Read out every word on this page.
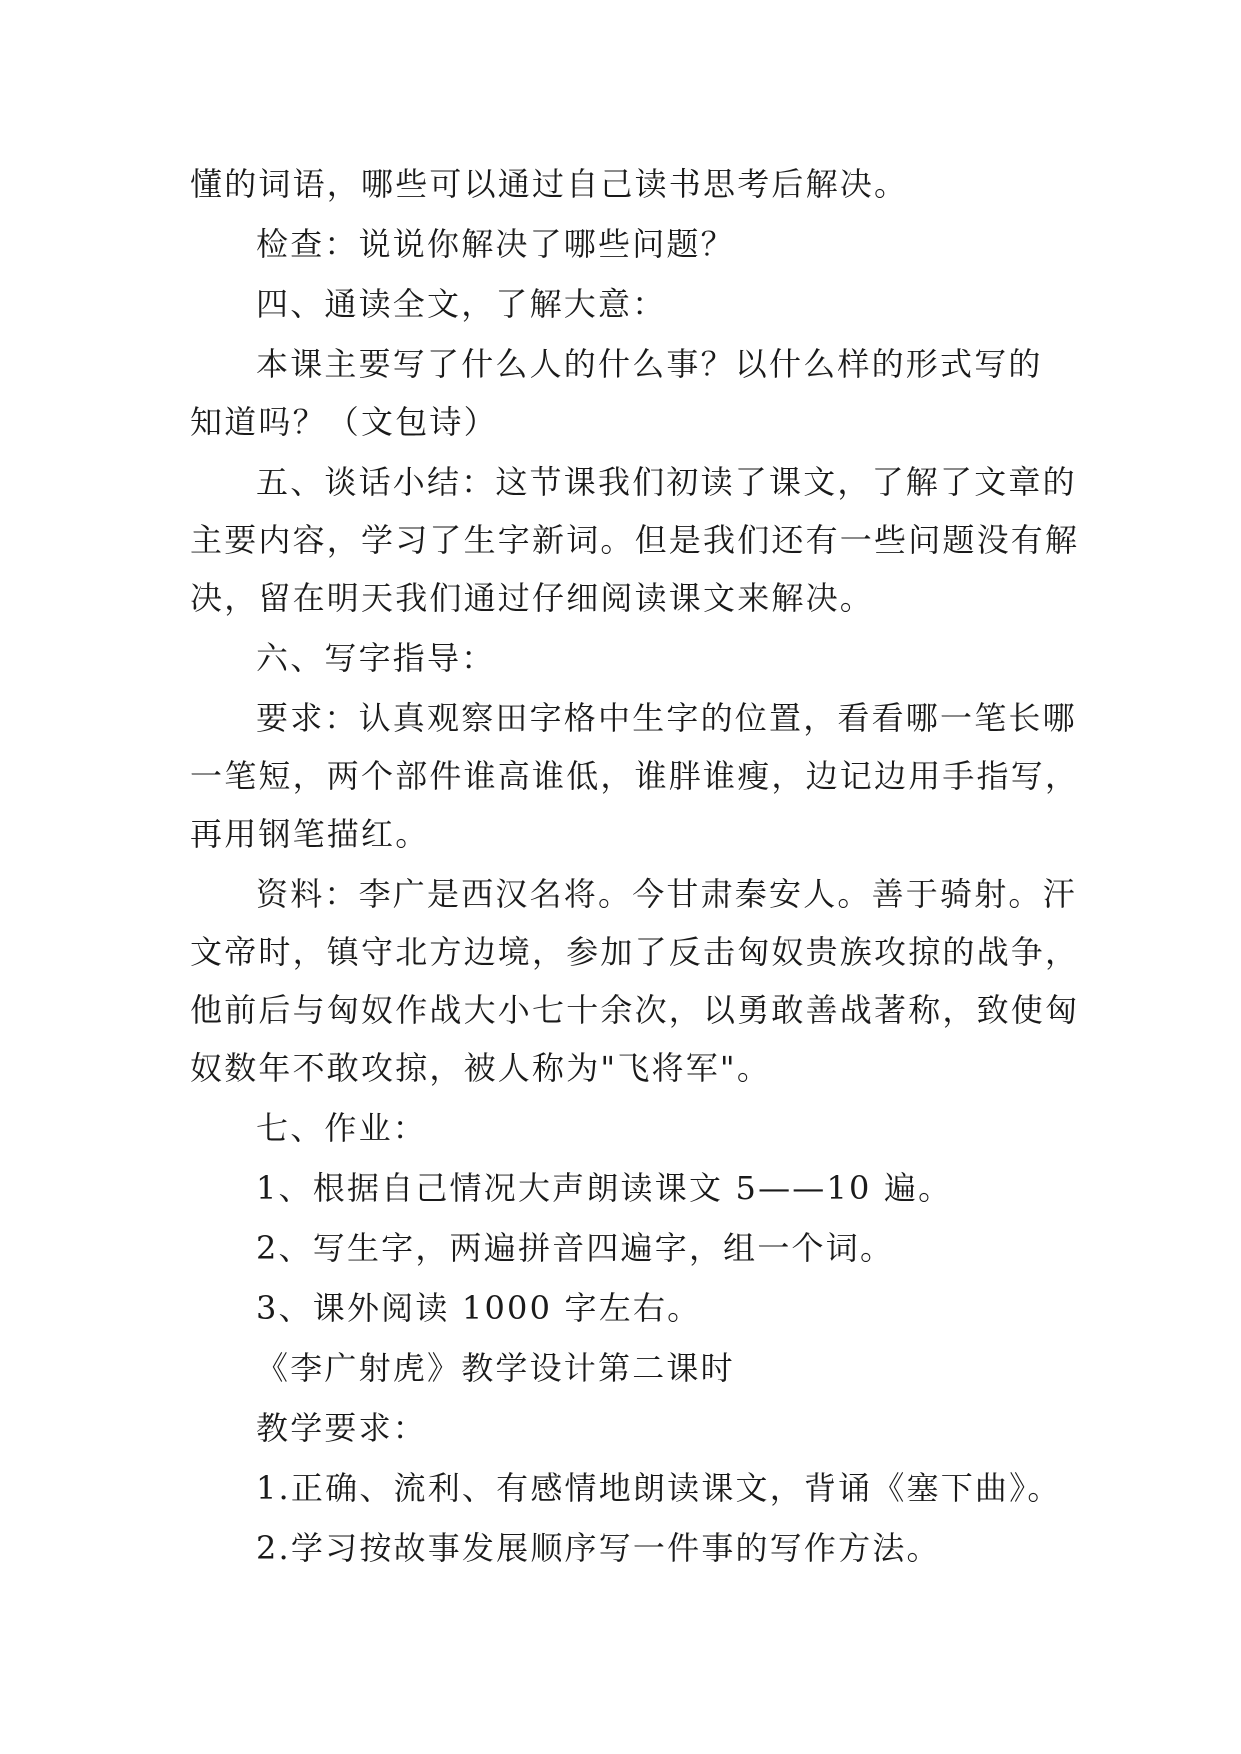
懂的词语，哪些可以通过自己读书思考后解决。
检查：说说你解决了哪些问题？
四、通读全文，了解大意：
本课主要写了什么人的什么事？以什么样的形式写的
知道吗？（文包诗）
五、谈话小结：这节课我们初读了课文，了解了文章的
主要内容，学习了生字新词。但是我们还有一些问题没有解
决，留在明天我们通过仔细阅读课文来解决。
六、写字指导：
要求：认真观察田字格中生字的位置，看看哪一笔长哪
一笔短，两个部件谁高谁低，谁胖谁瘦，边记边用手指写，
再用钢笔描红。
资料：李广是西汉名将。今甘肃秦安人。善于骑射。汗
文帝时，镇守北方边境，参加了反击匈奴贵族攻掠的战争，
他前后与匈奴作战大小七十余次，以勇敢善战著称，致使匈
奴数年不敢攻掠，被人称为"飞将军"。
七、作业：
1、根据自己情况大声朗读课文 5——10 遍。
2、写生字，两遍拼音四遍字，组一个词。
3、课外阅读 1000 字左右。
《李广射虎》教学设计第二课时
教学要求：
1.正确、流利、有感情地朗读课文，背诵《塞下曲》。
2.学习按故事发展顺序写一件事的写作方法。
